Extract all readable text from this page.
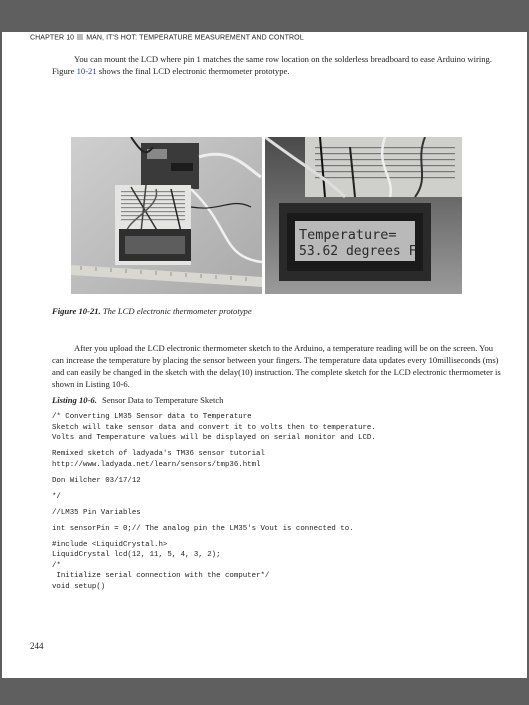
CHAPTER 10 MAN, IT'S HOT: TEMPERATURE MEASUREMENT AND CONTROL
You can mount the LCD where pin 1 matches the same row location on the solderless breadboard to ease Arduino wiring. Figure 10-21 shows the final LCD electronic thermometer prototype.
Temperature=
53.62 degrees F
Figure 10-21. The LCD electronic thermometer prototype
After you upload the LCD electronic thermometer sketch to the Arduino, a temperature reading will be on the screen. You can increase the temperature by placing the sensor between your fingers. The temperature data updates every 10milliseconds (ms) and can easily be changed in the sketch with the delay(10) instruction. The complete sketch for the LCD electronic thermometer is shown in Listing 10-6.
Listing 10-6. Sensor Data to Temperature Sketch
/* Converting LM35 Sensor data to Temperature
Sketch will take sensor data and convert it to volts then to temperature.
Volts and Temperature values will be displayed on serial monitor and LCD.
Remixed sketch of ladyada's TM36 sensor tutorial
http://www.ladyada.net/learn/sensors/tmp36.html
Don Wilcher 03/17/12
*/
//LM35 Pin Variables
int sensorPin = 0;// The analog pin the LM35's Vout is connected to.
#include <LiquidCrystal.h>
LiquidCrystal lcd(12, 11, 5, 4, 3, 2);
/*
Initialize serial connection with the computer*/
void setup()
244
